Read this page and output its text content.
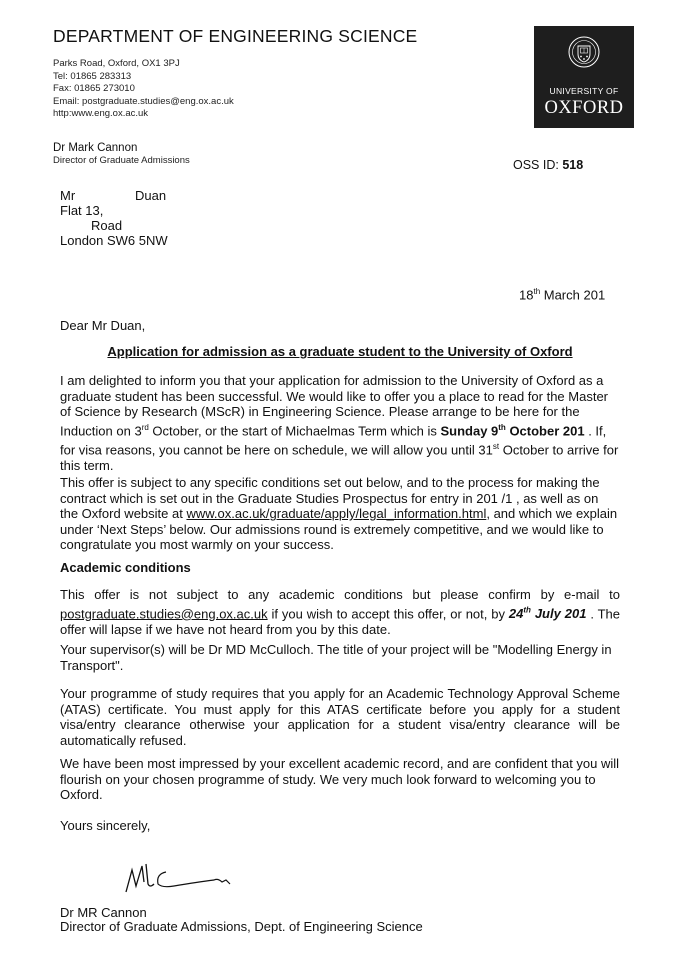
DEPARTMENT OF ENGINEERING SCIENCE
Parks Road, Oxford, OX1 3PJ
Tel: 01865 283313
Fax: 01865 273010
Email: postgraduate.studies@eng.ox.ac.uk
http:www.eng.ox.ac.uk
Dr Mark Cannon
Director of Graduate Admissions	OSS ID: 518
UNIVERSITY OF
OXFORD
Mr	Duan
Flat 13,
Road
London SW6 5NW
18th March 201
Dear Mr Duan,
Application for admission as a graduate student to the University of Oxford
I am delighted to inform you that your application for admission to the University of Oxford as a graduate student has been successful. We would like to offer you a place to read for the Master of Science by Research (MScR) in Engineering Science. Please arrange to be here for the Induction on 3rd October, or the start of Michaelmas Term which is Sunday 9th October 201 . If, for visa reasons, you cannot be here on schedule, we will allow you until 31st October to arrive for this term.
This offer is subject to any specific conditions set out below, and to the process for making the contract which is set out in the Graduate Studies Prospectus for entry in 201 /1 , as well as on the Oxford website at www.ox.ac.uk/graduate/apply/legal_information.html, and which we explain under ‘Next Steps’ below. Our admissions round is extremely competitive, and we would like to congratulate you most warmly on your success.
Academic conditions
This offer is not subject to any academic conditions but please confirm by e-mail to postgraduate.studies@eng.ox.ac.uk if you wish to accept this offer, or not, by 24th July 201 . The offer will lapse if we have not heard from you by this date.
Your supervisor(s) will be Dr MD McCulloch. The title of your project will be "Modelling Energy in Transport".
Your programme of study requires that you apply for an Academic Technology Approval Scheme (ATAS) certificate. You must apply for this ATAS certificate before you apply for a student visa/entry clearance otherwise your application for a student visa/entry clearance will be automatically refused.
We have been most impressed by your excellent academic record, and are confident that you will flourish on your chosen programme of study. We very much look forward to welcoming you to Oxford.
Yours sincerely,
Dr MR Cannon
Director of Graduate Admissions, Dept. of Engineering Science
